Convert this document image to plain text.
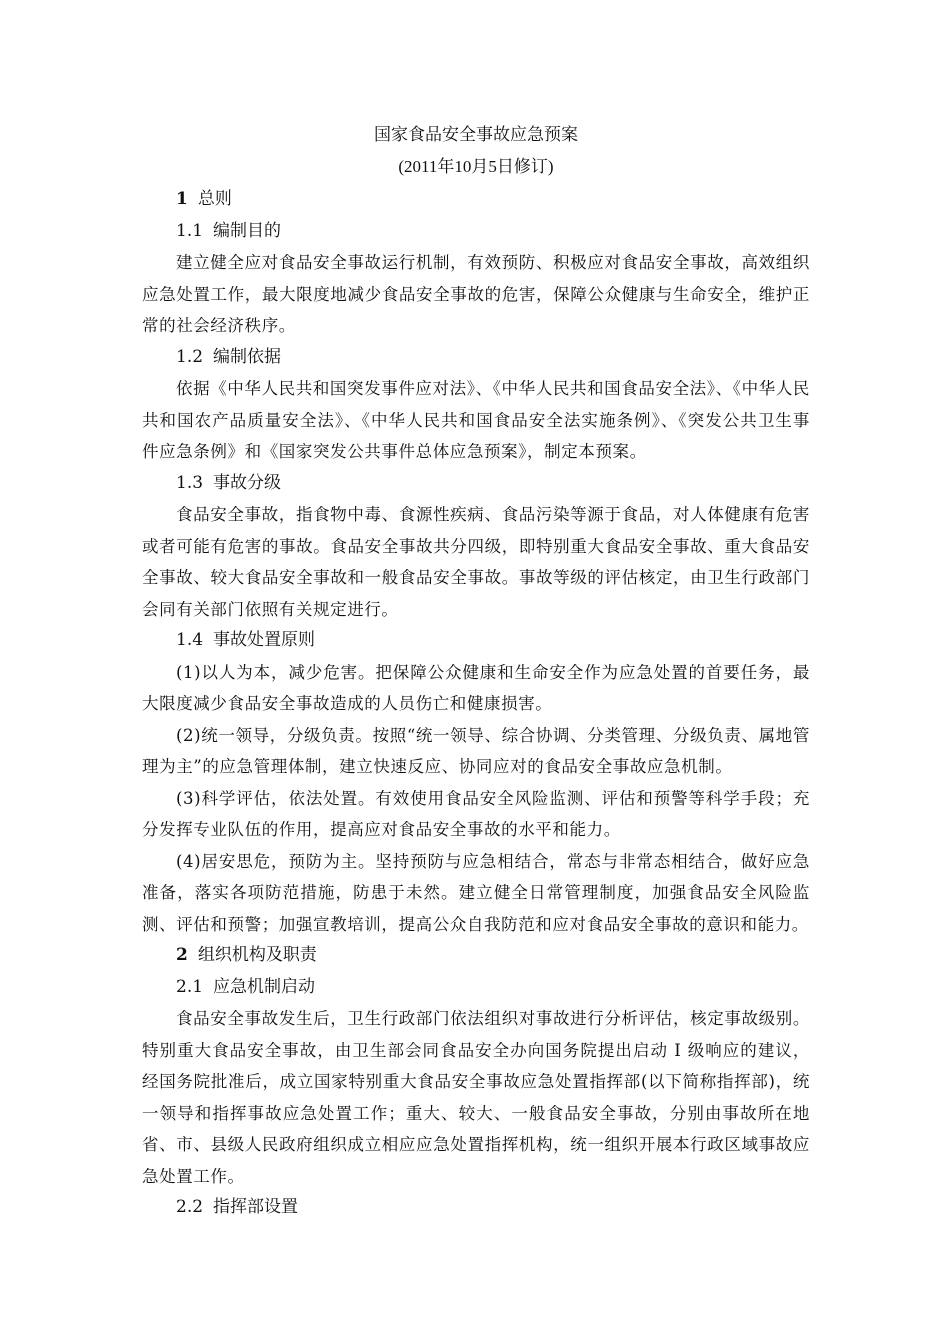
国家食品安全事故应急预案
(2011年10月5日修订)
1 总则
1.1 编制目的

建立健全应对食品安全事故运行机制，有效预防、积极应对食品安全事故，高效组织应急处置工作，最大限度地减少食品安全事故的危害，保障公众健康与生命安全，维护正常的社会经济秩序。

1.2 编制依据

依据《中华人民共和国突发事件应对法》、《中华人民共和国食品安全法》、《中华人民共和国农产品质量安全法》、《中华人民共和国食品安全法实施条例》、《突发公共卫生事件应急条例》和《国家突发公共事件总体应急预案》，制定本预案。

1.3 事故分级

食品安全事故，指食物中毒、食源性疾病、食品污染等源于食品，对人体健康有危害或者可能有危害的事故。食品安全事故共分四级，即特别重大食品安全事故、重大食品安全事故、较大食品安全事故和一般食品安全事故。事故等级的评估核定，由卫生行政部门会同有关部门依照有关规定进行。

1.4 事故处置原则

(1)以人为本，减少危害。把保障公众健康和生命安全作为应急处置的首要任务，最大限度减少食品安全事故造成的人员伤亡和健康损害。

(2)统一领导，分级负责。按照“统一领导、综合协调、分类管理、分级负责、属地管理为主”的应急管理体制，建立快速反应、协同应对的食品安全事故应急机制。

(3)科学评估，依法处置。有效使用食品安全风险监测、评估和预警等科学手段；充分发挥专业队伍的作用，提高应对食品安全事故的水平和能力。

(4)居安思危，预防为主。坚持预防与应急相结合，常态与非常态相结合，做好应急准备，落实各项防范措施，防患于未然。建立健全日常管理制度，加强食品安全风险监测、评估和预警；加强宣教培训，提高公众自我防范和应对食品安全事故的意识和能力。

2 组织机构及职责
2.1 应急机制启动

食品安全事故发生后，卫生行政部门依法组织对事故进行分析评估，核定事故级别。特别重大食品安全事故，由卫生部会同食品安全办向国务院提出启动 I 级响应的建议，经国务院批准后，成立国家特别重大食品安全事故应急处置指挥部(以下简称指挥部)，统一领导和指挥事故应急处置工作；重大、较大、一般食品安全事故，分别由事故所在地省、市、县级人民政府组织成立相应应急处置指挥机构，统一组织开展本行政区域事故应急处置工作。

2.2 指挥部设置
